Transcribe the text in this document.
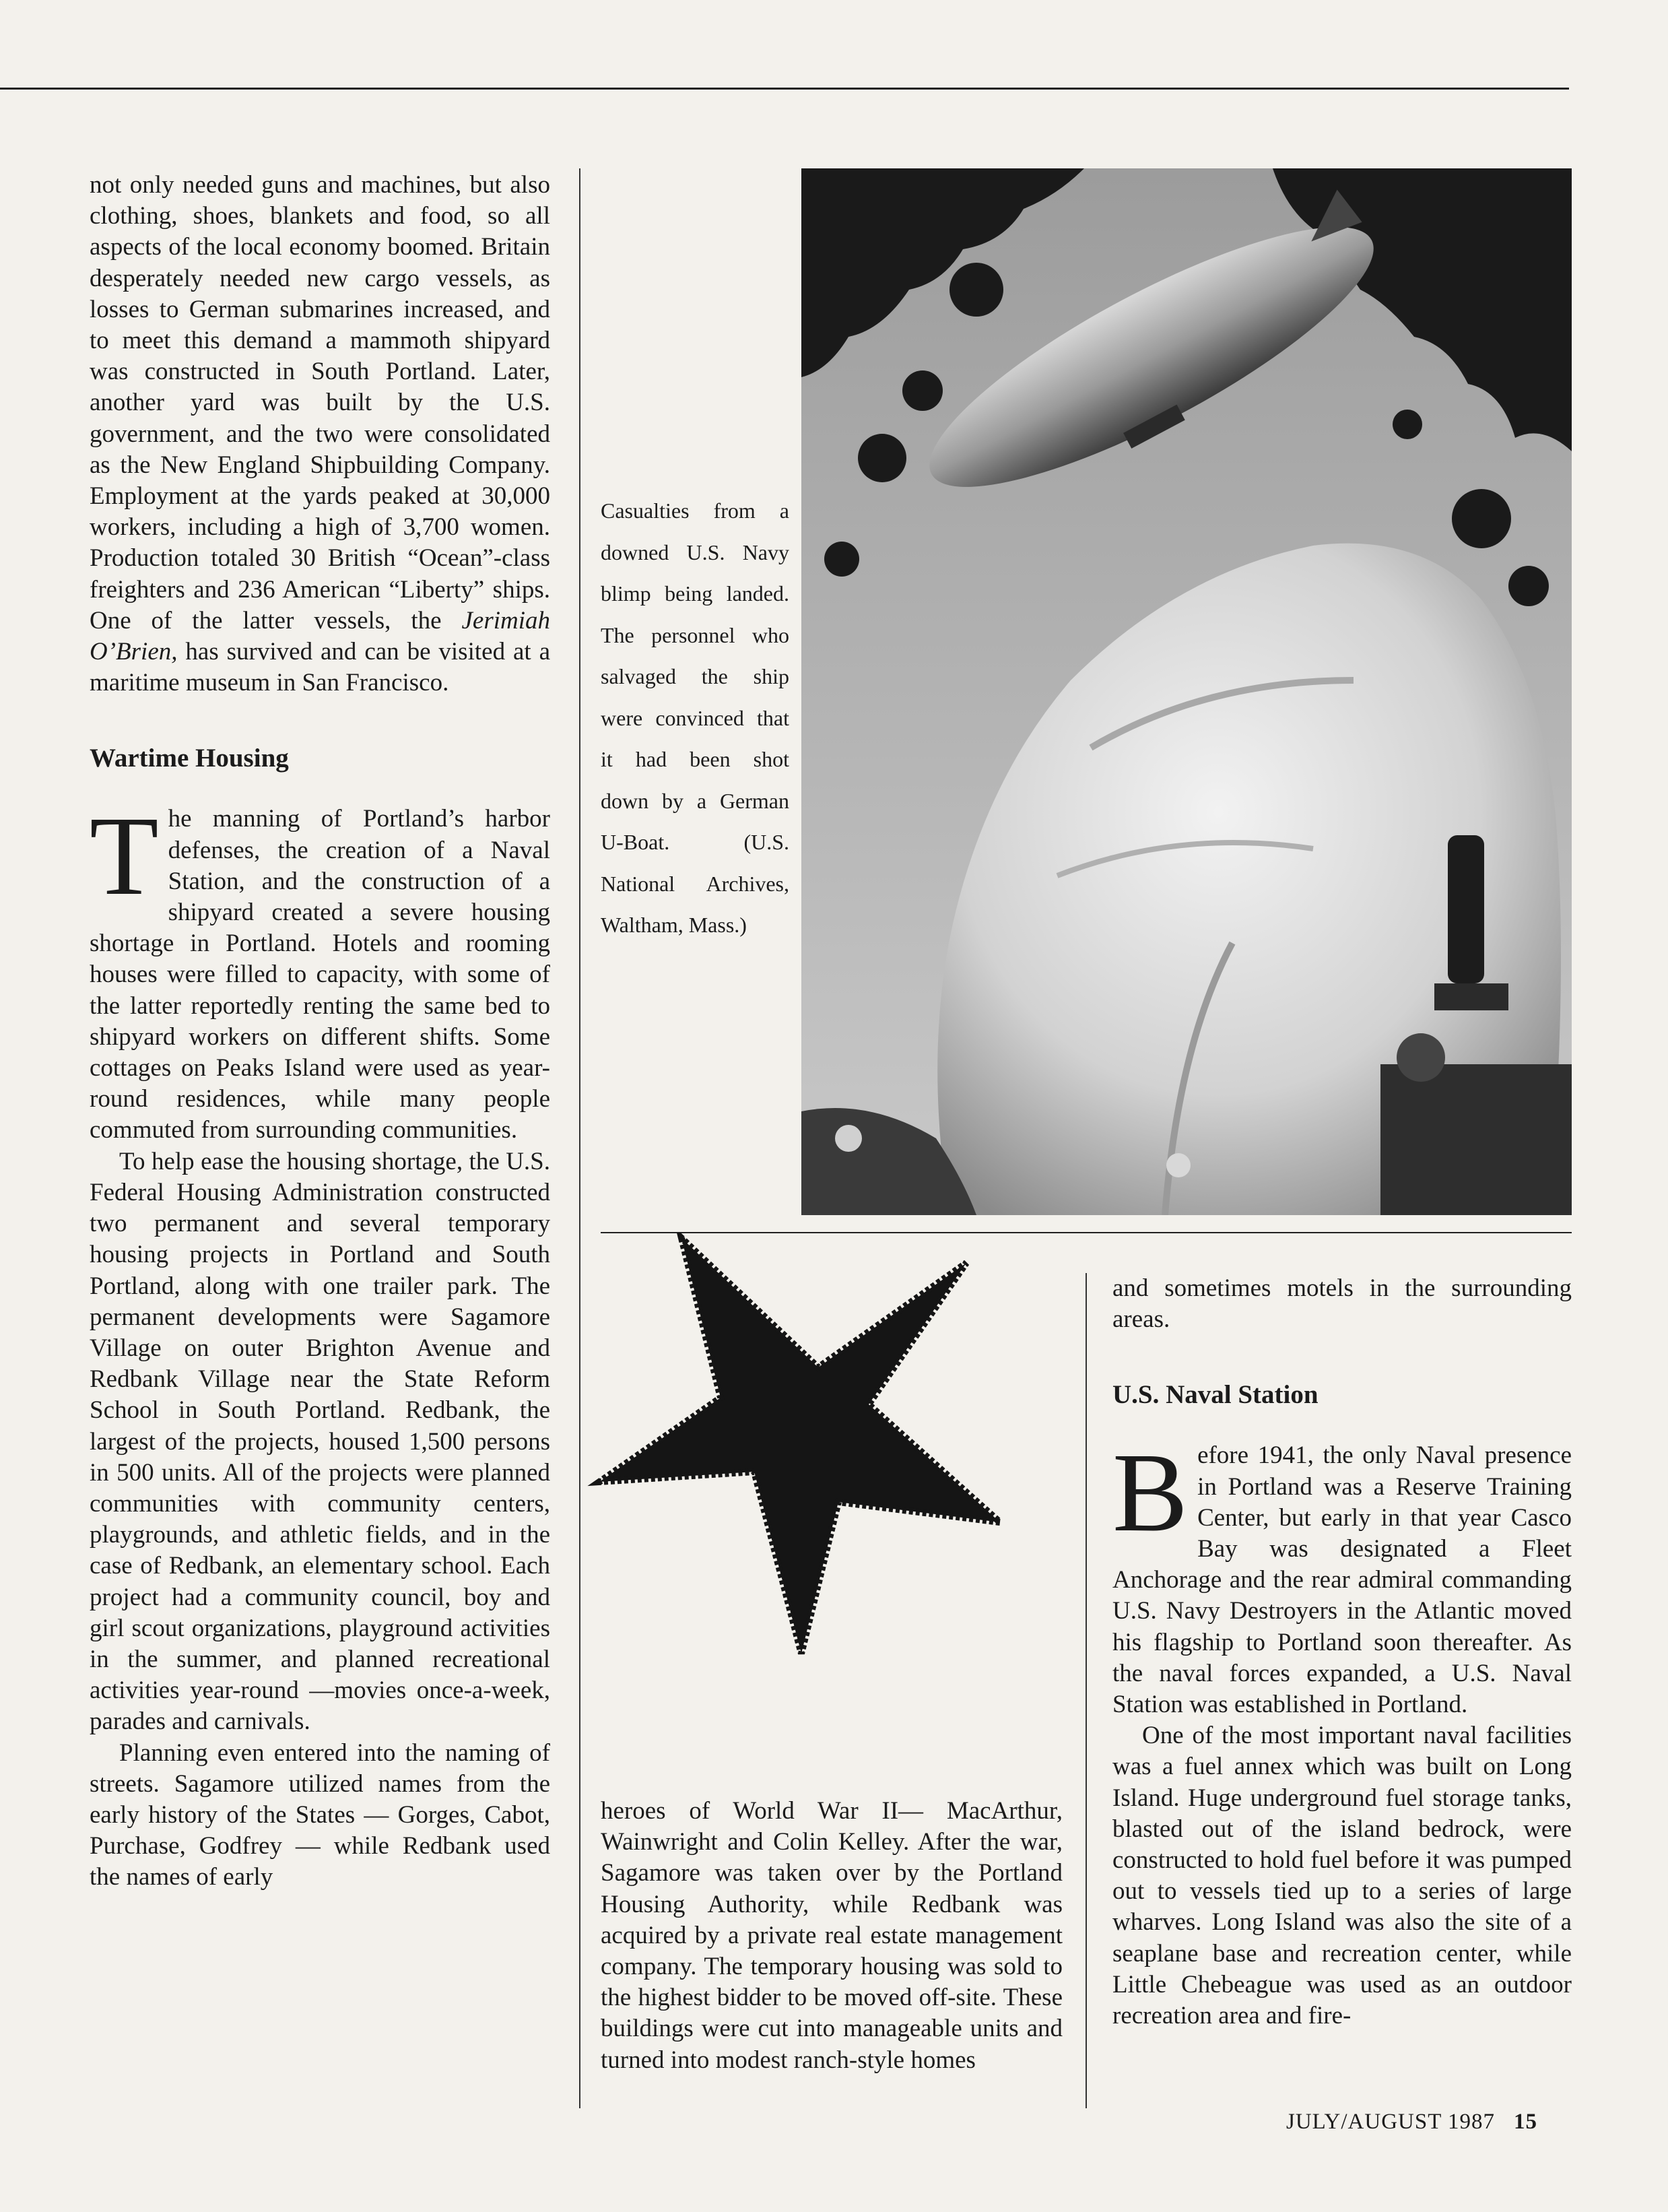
not only needed guns and machines, but also clothing, shoes, blankets and food, so all aspects of the local economy boomed. Britain desperately needed new cargo vessels, as losses to German submarines increased, and to meet this demand a mammoth shipyard was constructed in South Portland. Later, another yard was built by the U.S. government, and the two were consolidated as the New England Shipbuilding Company. Employment at the yards peaked at 30,000 workers, including a high of 3,700 women. Production totaled 30 British “Ocean”-class freighters and 236 American “Liberty” ships. One of the latter vessels, the Jerimiah O’Brien, has survived and can be visited at a maritime museum in San Francisco.

Wartime Housing

The manning of Portland’s harbor defenses, the creation of a Naval Station, and the construction of a shipyard created a severe housing shortage in Portland. Hotels and rooming houses were filled to capacity, with some of the latter reportedly renting the same bed to shipyard workers on different shifts. Some cottages on Peaks Island were used as year-round residences, while many people commuted from surrounding communities.

To help ease the housing shortage, the U.S. Federal Housing Administration constructed two permanent and several temporary housing projects in Portland and South Portland, along with one trailer park. The permanent developments were Sagamore Village on outer Brighton Avenue and Redbank Village near the State Reform School in South Portland. Redbank, the largest of the projects, housed 1,500 persons in 500 units. All of the projects were planned communities with community centers, playgrounds, and athletic fields, and in the case of Redbank, an elementary school. Each project had a community council, boy and girl scout organizations, playground activities in the summer, and planned recreational activities year-round —movies once-a-week, parades and carnivals.

Planning even entered into the naming of streets. Sagamore utilized names from the early history of the States — Gorges, Cabot, Purchase, Godfrey — while Redbank used the names of early

Casualties from a downed U.S. Navy blimp being landed. The personnel who salvaged the ship were convinced that it had been shot down by a German U-Boat. (U.S. National Archives, Waltham, Mass.)

heroes of World War II— MacArthur, Wainwright and Colin Kelley. After the war, Sagamore was taken over by the Portland Housing Authority, while Redbank was acquired by a private real estate management company. The temporary housing was sold to the highest bidder to be moved off-site. These buildings were cut into manageable units and turned into modest ranch-style homes

and sometimes motels in the surrounding areas.

U.S. Naval Station

Before 1941, the only Naval presence in Portland was a Reserve Training Center, but early in that year Casco Bay was designated a Fleet Anchorage and the rear admiral commanding U.S. Navy Destroyers in the Atlantic moved his flagship to Portland soon thereafter. As the naval forces expanded, a U.S. Naval Station was established in Portland.

One of the most important naval facilities was a fuel annex which was built on Long Island. Huge underground fuel storage tanks, blasted out of the island bedrock, were constructed to hold fuel before it was pumped out to vessels tied up to a series of large wharves. Long Island was also the site of a seaplane base and recreation center, while Little Chebeague was used as an outdoor recreation area and fire-

JULY/AUGUST 1987 15
